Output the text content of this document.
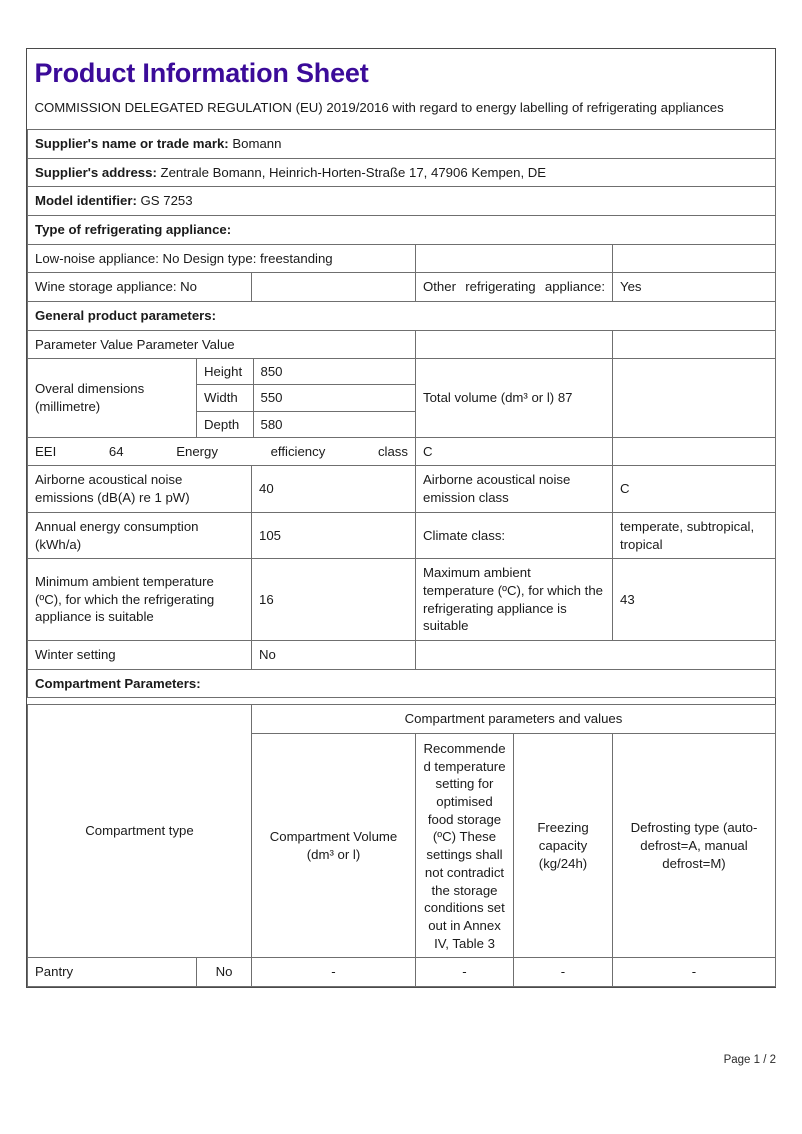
Product Information Sheet
COMMISSION DELEGATED REGULATION (EU) 2019/2016 with regard to energy labelling of refrigerating appliances

Supplier's name or trade mark: Bomann
Supplier's address: Zentrale Bomann, Heinrich-Horten-Straße 17, 47906 Kempen, DE
Model identifier: GS 7253
Type of refrigerating appliance:
Low-noise appliance: No Design type: freestanding		
Wine storage appliance: No		Other refrigerating appliance:	Yes
General product parameters:
Parameter Value Parameter Value		
Overal dimensions (millimetre)	
Height	850
Width	550
Depth	580
	Total volume (dm³ or l) 87	
EEI 64	Energy efficiency class	C	
Airborne acoustical noise emissions (dB(A) re 1 pW)	40	Airborne acoustical noise emission class	C
Annual energy consumption (kWh/a)	105	Climate class:	temperate, subtropical, tropical
Minimum ambient temperature (ºC), for which the refrigerating appliance is suitable	16	Maximum ambient temperature (ºC), for which the refrigerating appliance is suitable	43
Winter setting	No	
Compartment Parameters:

Compartment type	Compartment parameters and values
Compartment Volume (dm³ or l)	Recommended temperature setting for optimised food storage (ºC) These settings shall not contradict the storage conditions set out in Annex IV, Table 3	Freezing capacity (kg/24h)	Defrosting type (auto-defrost=A, manual defrost=M)
Pantry	No	-	-	-	-
Page 1 / 2
